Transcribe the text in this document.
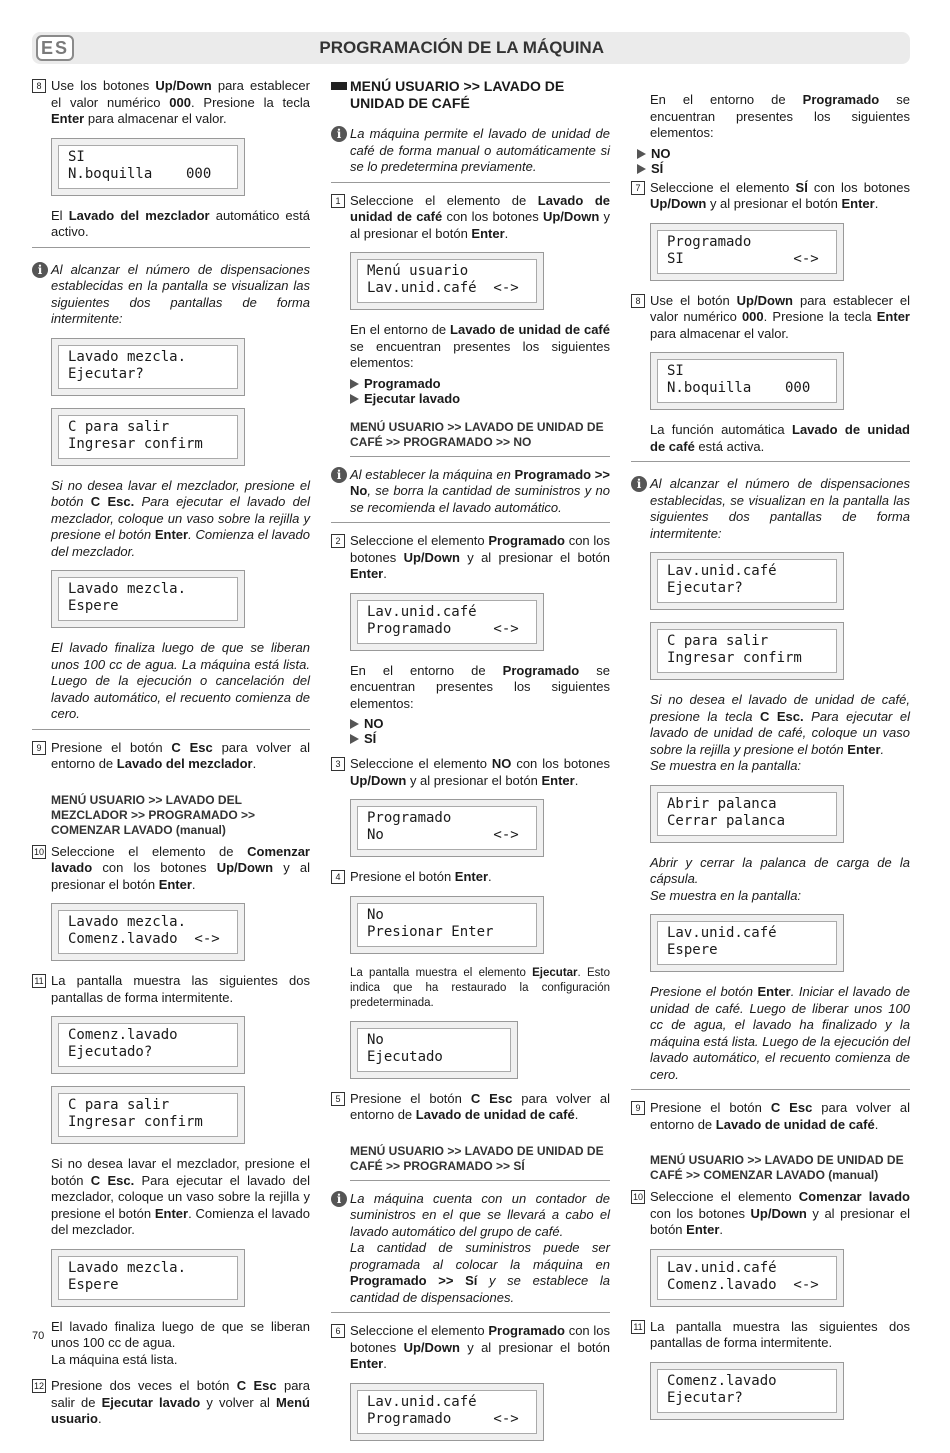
ES	PROGRAMACIÓN DE LA MÁQUINA
8 Use los botones Up/Down para establecer el valor numérico 000. Presione la tecla Enter para almacenar el valor.

SI
N.boquilla    000

El Lavado del mezclador automático está activo.

i Al alcanzar el número de dispensaciones establecidas en la pantalla se visualizan las siguientes dos pantallas de forma intermitente:

Lavado mezcla.
Ejecutar?
C para salir
Ingresar confirm

Si no desea lavar el mezclador, presione el botón C Esc. Para ejecutar el lavado del mezclador, coloque un vaso sobre la rejilla y presione el botón Enter. Comienza el lavado del mezclador.

Lavado mezcla.
Espere

El lavado finaliza luego de que se liberan unos 100 cc de agua. La máquina está lista. Luego de la ejecución o cancelación del lavado automático, el recuento comienza de cero.

9 Presione el botón C Esc para volver al entorno de Lavado del mezclador.

MENÚ USUARIO >> LAVADO DEL MEZCLADOR >> PROGRAMADO >> COMENZAR LAVADO (manual)
10 Seleccione el elemento de Comenzar lavado con los botones Up/Down y al presionar el botón Enter.

Lavado mezcla.
Comenz.lavado  <->
11 La pantalla muestra las siguientes dos pantallas de forma intermitente.

Comenz.lavado
Ejecutado?
C para salir
Ingresar confirm

Si no desea lavar el mezclador, presione el botón C Esc. Para ejecutar el lavado del mezclador, coloque un vaso sobre la rejilla y presione el botón Enter. Comienza el lavado del mezclador.

Lavado mezcla.
Espere

El lavado finaliza luego de que se liberan unos 100 cc de agua.

La máquina está lista.

12 Presione dos veces el botón C Esc para salir de Ejecutar lavado y volver al Menú usuario.

MENÚ USUARIO >> LAVADO DE UNIDAD DE CAFÉ
i La máquina permite el lavado de unidad de café de forma manual o automáticamente si se lo predetermina previamente.

1 Seleccione el elemento de Lavado de unidad de café con los botones Up/Down y al presionar el botón Enter.

Menú usuario
Lav.unid.café  <->

En el entorno de Lavado de unidad de café se encuentran presentes los siguientes elementos:

Programado
Ejecutar lavado
MENÚ USUARIO >> LAVADO DE UNIDAD DE CAFÉ >> PROGRAMADO >> NO
i Al establecer la máquina en Programado >> No, se borra la cantidad de suministros y no se recomienda el lavado automático.

2 Seleccione el elemento Programado con los botones Up/Down y al presionar el botón Enter.

Lav.unid.café
Programado     <->

En el entorno de Programado se encuentran presentes los siguientes elementos:

NO
SÍ
3 Seleccione el elemento NO con los botones Up/Down y al presionar el botón Enter.

Programado
No             <->
4 Presione el botón Enter.

No
Presionar Enter

La pantalla muestra el elemento Ejecutar. Esto indica que ha restaurado la configuración predeterminada.

No
Ejecutado
5 Presione el botón C Esc para volver al entorno de Lavado de unidad de café.

MENÚ USUARIO >> LAVADO DE UNIDAD DE CAFÉ >> PROGRAMADO >> SÍ
i La máquina cuenta con un contador de suministros en el que se llevará a cabo el lavado automático del grupo de café.

La cantidad de suministros puede ser programada al colocar la máquina en Programado >> Sí y se establece la cantidad de dispensaciones.

6 Seleccione el elemento Programado con los botones Up/Down y al presionar el botón Enter.

Lav.unid.café
Programado     <->

En el entorno de Programado se encuentran presentes los siguientes elementos:

NO
SÍ
7 Seleccione el elemento SÍ con los botones Up/Down y al presionar el botón Enter.

Programado
SI             <->
8 Use el botón Up/Down para establecer el valor numérico 000. Presione la tecla Enter para almacenar el valor.

SI
N.boquilla    000

La función automática Lavado de unidad de café está activa.

i Al alcanzar el número de dispensaciones establecidas, se visualizan en la pantalla las siguientes dos pantallas de forma intermitente:

Lav.unid.café
Ejecutar?
C para salir
Ingresar confirm

Si no desea el lavado de unidad de café, presione la tecla C Esc. Para ejecutar el lavado de unidad de café, coloque un vaso sobre la rejilla y presione el botón Enter.

Se muestra en la pantalla:

Abrir palanca
Cerrar palanca

Abrir y cerrar la palanca de carga de la cápsula.

Se muestra en la pantalla:

Lav.unid.café
Espere

Presione el botón Enter. Iniciar el lavado de unidad de café. Luego de liberar unos 100 cc de agua, el lavado ha finalizado y la máquina está lista. Luego de la ejecución del lavado automático, el recuento comienza de cero.

9 Presione el botón C Esc para volver al entorno de Lavado de unidad de café.

MENÚ USUARIO >> LAVADO DE UNIDAD DE CAFÉ >> COMENZAR LAVADO (manual)
10 Seleccione el elemento Comenzar lavado con los botones Up/Down y al presionar el botón Enter.

Lav.unid.café
Comenz.lavado  <->
11 La pantalla muestra las siguientes dos pantallas de forma intermitente.

Comenz.lavado
Ejecutar?
70
